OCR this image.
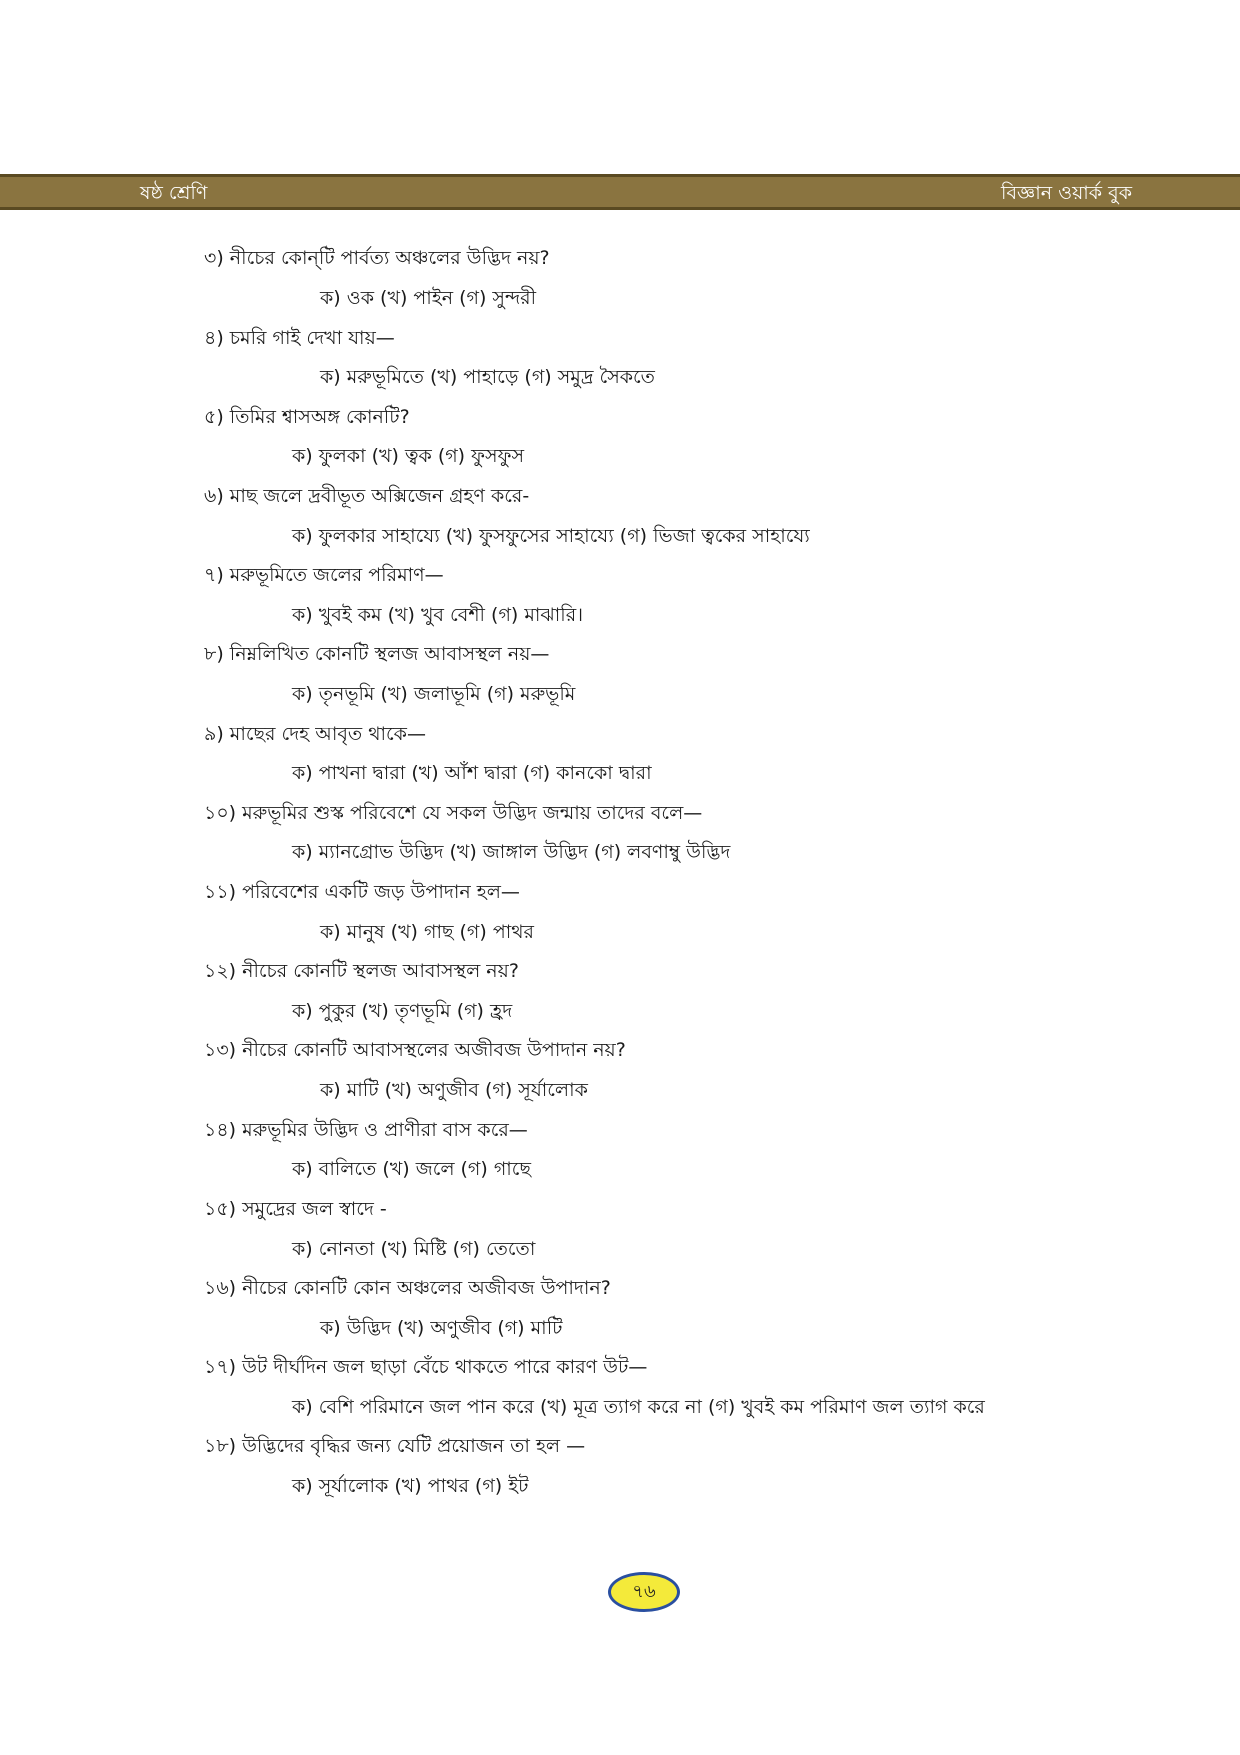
ষষ্ঠ শ্রেণি	বিজ্ঞান ওয়ার্ক বুক
৩) নীচের কোন্‌টি পার্বত্য অঞ্চলের উদ্ভিদ নয়?
ক) ওক (খ) পাইন (গ) সুন্দরী
৪) চমরি গাই দেখা যায়—
ক) মরুভূমিতে (খ) পাহাড়ে (গ) সমুদ্র সৈকতে
৫) তিমির শ্বাসঅঙ্গ কোনটি?
ক) ফুলকা (খ) ত্বক (গ) ফুসফুস
৬) মাছ জলে দ্রবীভূত অক্সিজেন গ্রহণ করে-
ক) ফুলকার সাহায্যে (খ) ফুসফুসের সাহায্যে (গ) ভিজা ত্বকের সাহায্যে
৭) মরুভূমিতে জলের পরিমাণ—
ক) খুবই কম (খ) খুব বেশী (গ) মাঝারি।
৮) নিম্নলিখিত কোনটি স্থলজ আবাসস্থল নয়—
ক) তৃনভূমি (খ) জলাভূমি (গ) মরুভূমি
৯) মাছের দেহ আবৃত থাকে—
ক) পাখনা দ্বারা (খ) আঁশ দ্বারা (গ) কানকো দ্বারা
১০) মরুভূমির শুস্ক পরিবেশে যে সকল উদ্ভিদ জন্মায় তাদের বলে—
ক) ম্যানগ্রোভ উদ্ভিদ (খ) জাঙ্গাল উদ্ভিদ (গ) লবণাম্বু উদ্ভিদ
১১) পরিবেশের একটি জড় উপাদান হল—
ক) মানুষ (খ) গাছ (গ) পাথর
১২) নীচের কোনটি স্থলজ আবাসস্থল নয়?
ক) পুকুর (খ) তৃণভূমি (গ) হ্রদ
১৩) নীচের কোনটি আবাসস্থলের অজীবজ উপাদান নয়?
ক) মাটি (খ) অণুজীব (গ) সূর্যালোক
১৪) মরুভূমির উদ্ভিদ ও প্রাণীরা বাস করে—
ক) বালিতে (খ) জলে (গ) গাছে
১৫) সমুদ্রের জল স্বাদে -
ক) নোনতা (খ) মিষ্টি (গ) তেতো
১৬) নীচের কোনটি কোন অঞ্চলের অজীবজ উপাদান?
ক) উদ্ভিদ (খ) অণুজীব (গ) মাটি
১৭) উট দীর্ঘদিন জল ছাড়া বেঁচে থাকতে পারে কারণ উট—
ক) বেশি পরিমানে জল পান করে (খ) মূত্র ত্যাগ করে না (গ) খুবই কম পরিমাণ জল ত্যাগ করে
১৮) উদ্ভিদের বৃদ্ধির জন্য যেটি প্রয়োজন তা হল —
ক) সূর্যালোক (খ) পাথর (গ) ইট
৭৬
